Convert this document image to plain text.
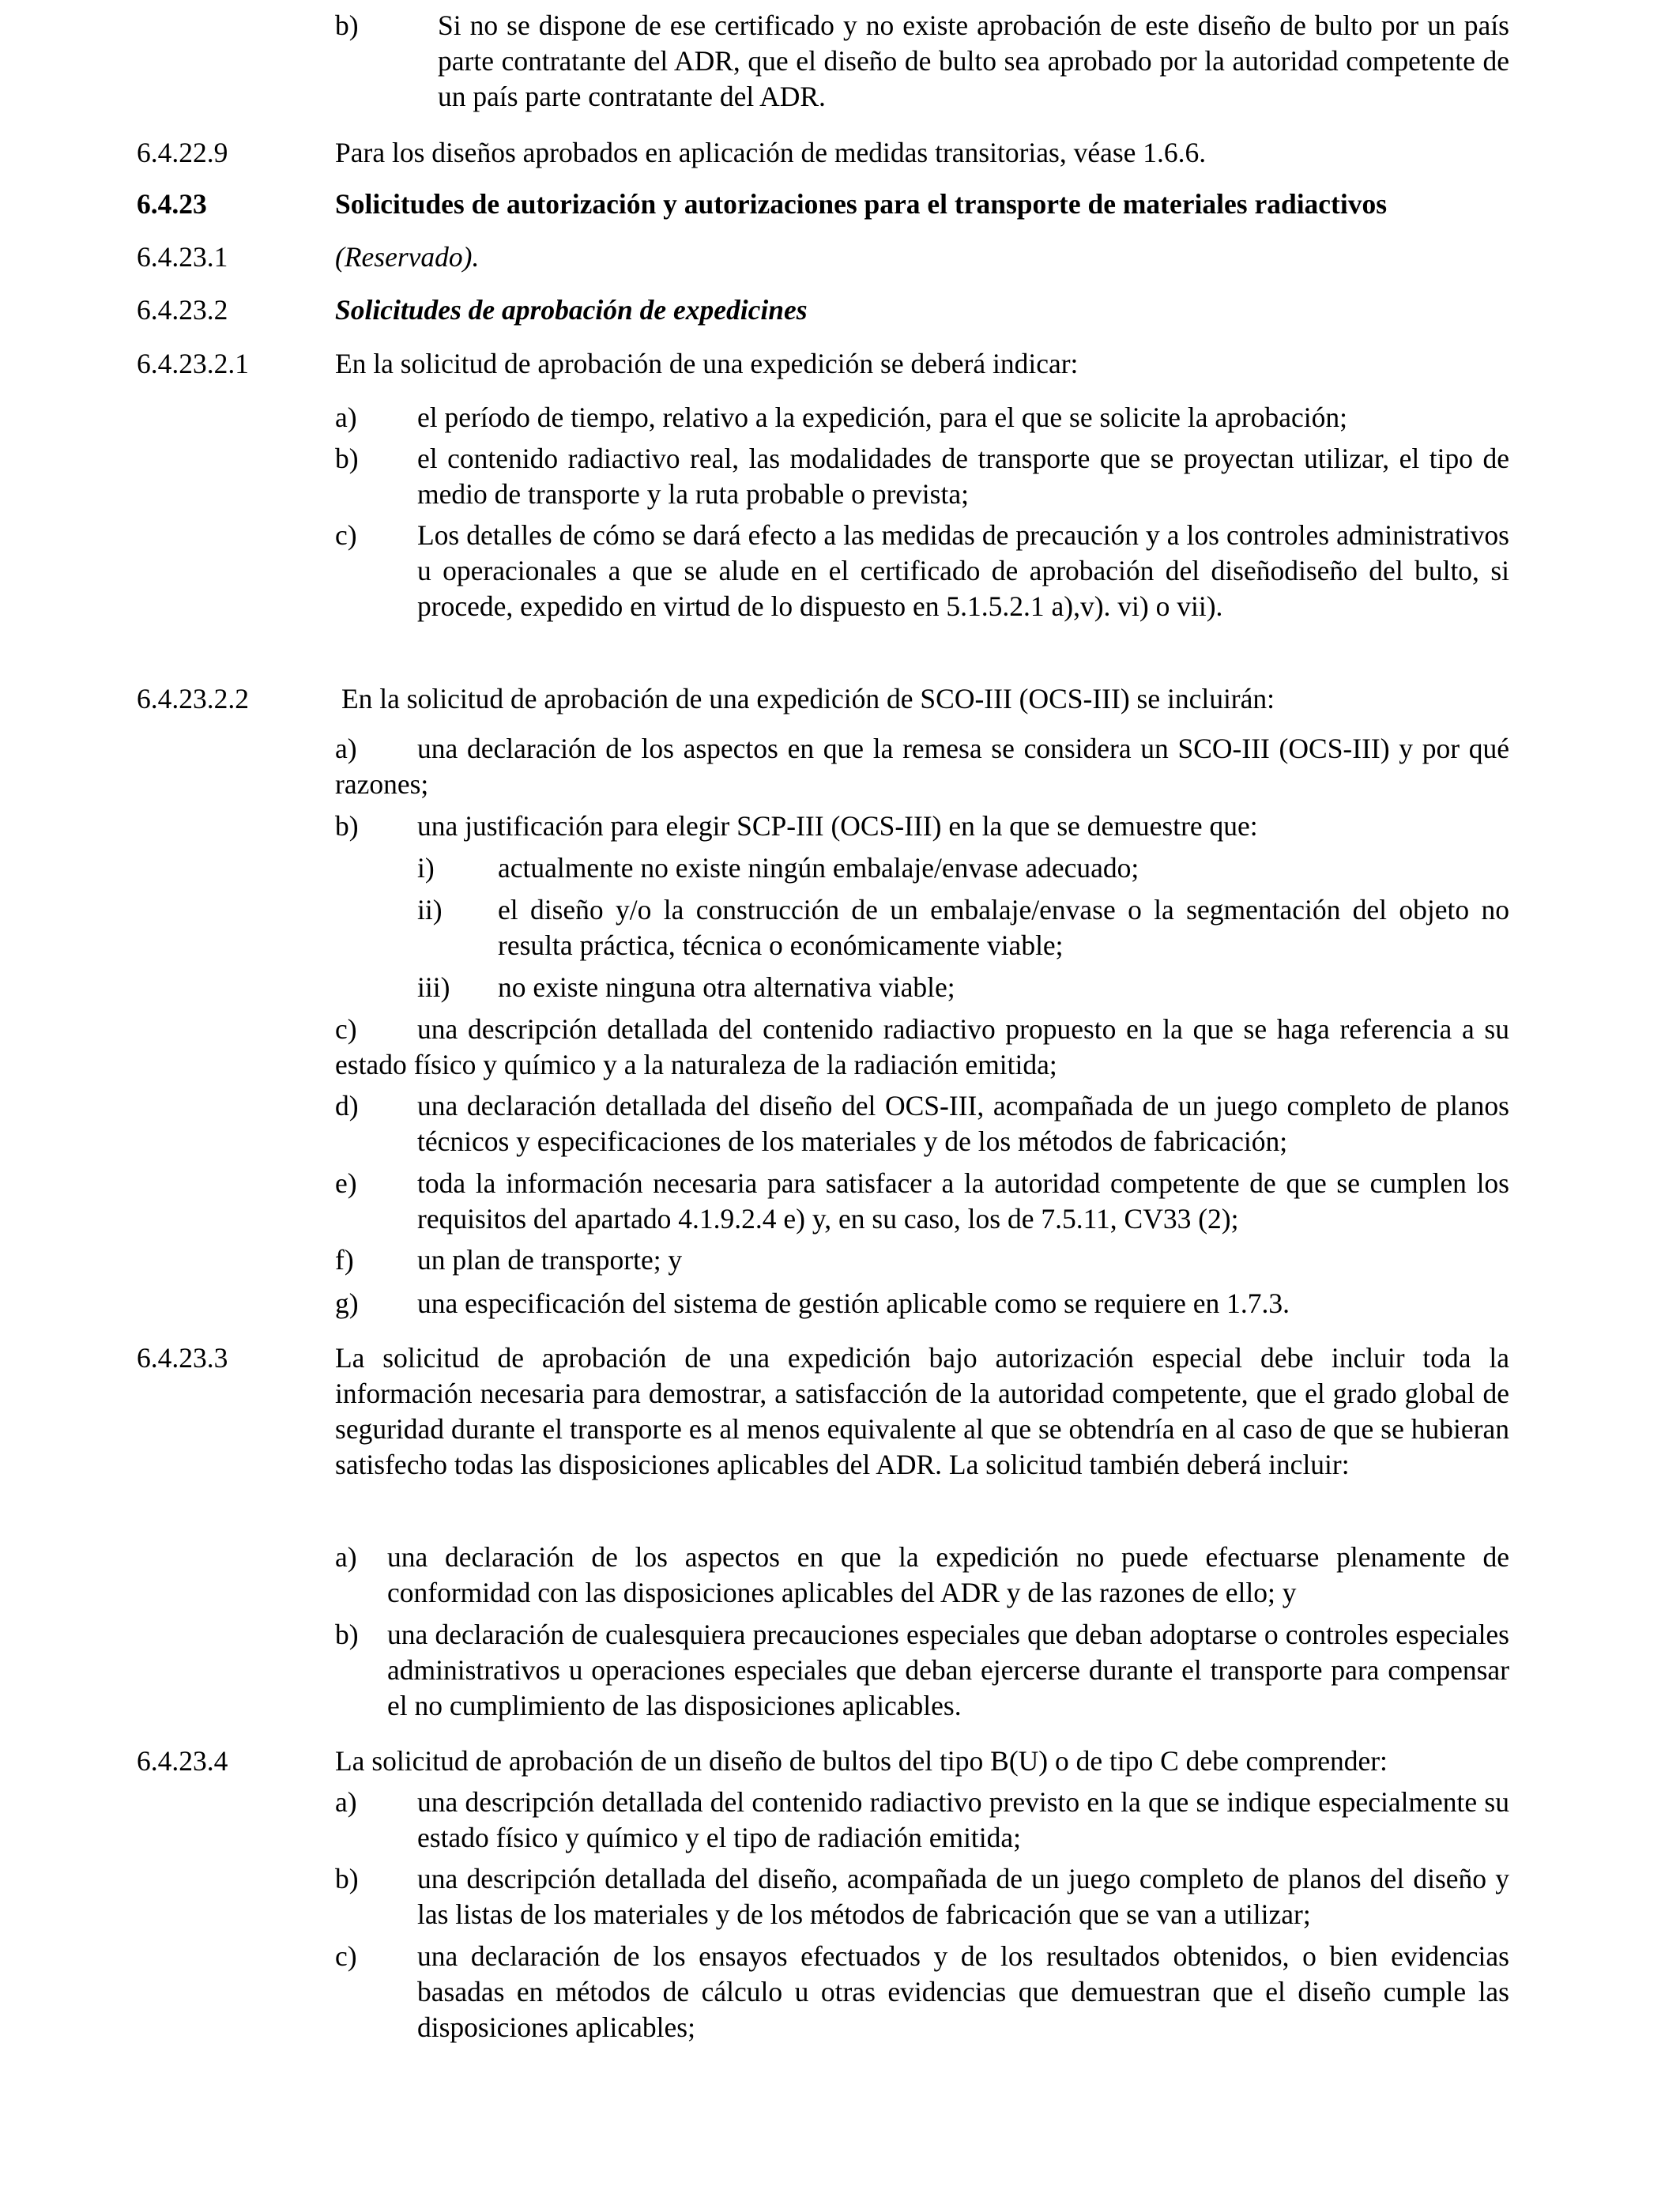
b)	Si no se dispone de ese certificado y no existe aprobación de este diseño de bulto por un país parte contratante del ADR, que el diseño de bulto sea aprobado por la autoridad competente de un país parte contratante del ADR.
6.4.22.9	Para los diseños aprobados en aplicación de medidas transitorias, véase 1.6.6.
6.4.23	Solicitudes de autorización y autorizaciones para el transporte de materiales radiactivos
6.4.23.1	(Reservado).
6.4.23.2	Solicitudes de aprobación de expedicines
6.4.23.2.1	En la solicitud de aprobación de una expedición se deberá indicar:
a) el período de tiempo, relativo a la expedición, para el que se solicite la aprobación;
b) el contenido radiactivo real, las modalidades de transporte que se proyectan utilizar, el tipo de medio de transporte y la ruta probable o prevista;
c) Los detalles de cómo se dará efecto a las medidas de precaución y a los controles administrativos u operacionales a que se alude en el certificado de aprobación del diseñodiseño del bulto, si procede, expedido en virtud de lo dispuesto en 5.1.5.2.1 a),v). vi) o vii).
6.4.23.2.2	En la solicitud de aprobación de una expedición de SCO-III (OCS-III) se incluirán:
a) una declaración de los aspectos en que la remesa se considera un SCO-III (OCS-III) y por qué razones;
b) una justificación para elegir SCP-III (OCS-III) en la que se demuestre que:
i) actualmente no existe ningún embalaje/envase adecuado;
ii) el diseño y/o la construcción de un embalaje/envase o la segmentación del objeto no resulta práctica, técnica o económicamente viable;
iii) no existe ninguna otra alternativa viable;
c) una descripción detallada del contenido radiactivo propuesto en la que se haga referencia a su estado físico y químico y a la naturaleza de la radiación emitida;
d) una declaración detallada del diseño del OCS-III, acompañada de un juego completo de planos técnicos y especificaciones de los materiales y de los métodos de fabricación;
e) toda la información necesaria para satisfacer a la autoridad competente de que se cumplen los requisitos del apartado 4.1.9.2.4 e) y, en su caso, los de 7.5.11, CV33 (2);
f) un plan de transporte; y
g) una especificación del sistema de gestión aplicable como se requiere en 1.7.3.
6.4.23.3	La solicitud de aprobación de una expedición bajo autorización especial debe incluir toda la información necesaria para demostrar, a satisfacción de la autoridad competente, que el grado global de seguridad durante el transporte es al menos equivalente al que se obtendría en al caso de que se hubieran satisfecho todas las disposiciones aplicables del ADR. La solicitud también deberá incluir:
a) una declaración de los aspectos en que la expedición no puede efectuarse plenamente de conformidad con las disposiciones aplicables del ADR y de las razones de ello; y
b) una declaración de cualesquiera precauciones especiales que deban adoptarse o controles especiales administrativos u operaciones especiales que deban ejercerse durante el transporte para compensar el no cumplimiento de las disposiciones aplicables.
6.4.23.4	La solicitud de aprobación de un diseño de bultos del tipo B(U) o de tipo C debe comprender:
a) una descripción detallada del contenido radiactivo previsto en la que se indique especialmente su estado físico y químico y el tipo de radiación emitida;
b) una descripción detallada del diseño, acompañada de un juego completo de planos del diseño y las listas de los materiales y de los métodos de fabricación que se van a utilizar;
c) una declaración de los ensayos efectuados y de los resultados obtenidos, o bien evidencias basadas en métodos de cálculo u otras evidencias que demuestran que el diseño cumple las disposiciones aplicables;
